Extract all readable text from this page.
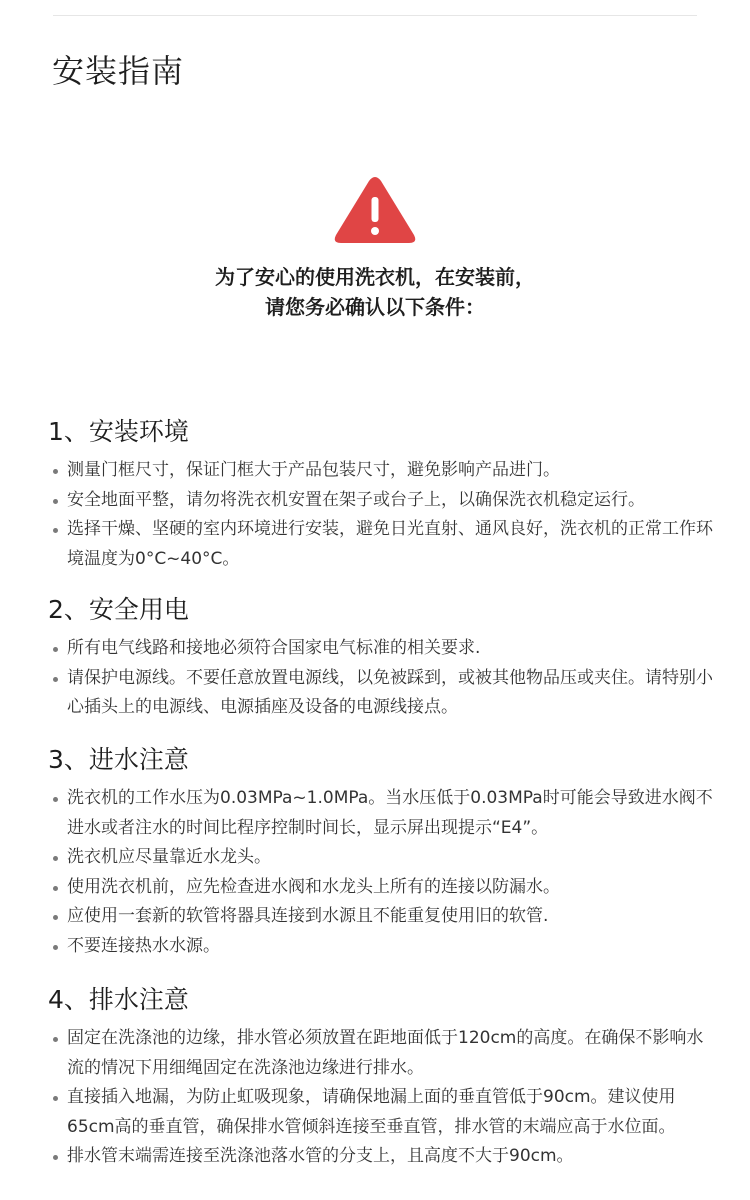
安装指南
为了安心的使用洗衣机，在安装前，
请您务必确认以下条件：
1、安装环境
测量门框尺寸，保证门框大于产品包装尺寸，避免影响产品进门。
安全地面平整，请勿将洗衣机安置在架子或台子上，以确保洗衣机稳定运行。
选择干燥、坚硬的室内环境进行安装，避免日光直射、通风良好，洗衣机的正常工作环境温度为0°C~40°C。
2、安全用电
所有电气线路和接地必须符合国家电气标准的相关要求.
请保护电源线。不要任意放置电源线，以免被踩到，或被其他物品压或夹住。请特别小心插头上的电源线、电源插座及设备的电源线接点。
3、进水注意
洗衣机的工作水压为0.03MPa~1.0MPa。当水压低于0.03MPa时可能会导致进水阀不进水或者注水的时间比程序控制时间长，显示屏出现提示“E4”。
洗衣机应尽量靠近水龙头。
使用洗衣机前，应先检查进水阀和水龙头上所有的连接以防漏水。
应使用一套新的软管将器具连接到水源且不能重复使用旧的软管.
不要连接热水水源。
4、排水注意
固定在洗涤池的边缘，排水管必须放置在距地面低于120cm的高度。在确保不影响水流的情况下用细绳固定在洗涤池边缘进行排水。
直接插入地漏，为防止虹吸现象，请确保地漏上面的垂直管低于90cm。建议使用65cm高的垂直管，确保排水管倾斜连接至垂直管，排水管的末端应高于水位面。
排水管末端需连接至洗涤池落水管的分支上，且高度不大于90cm。
